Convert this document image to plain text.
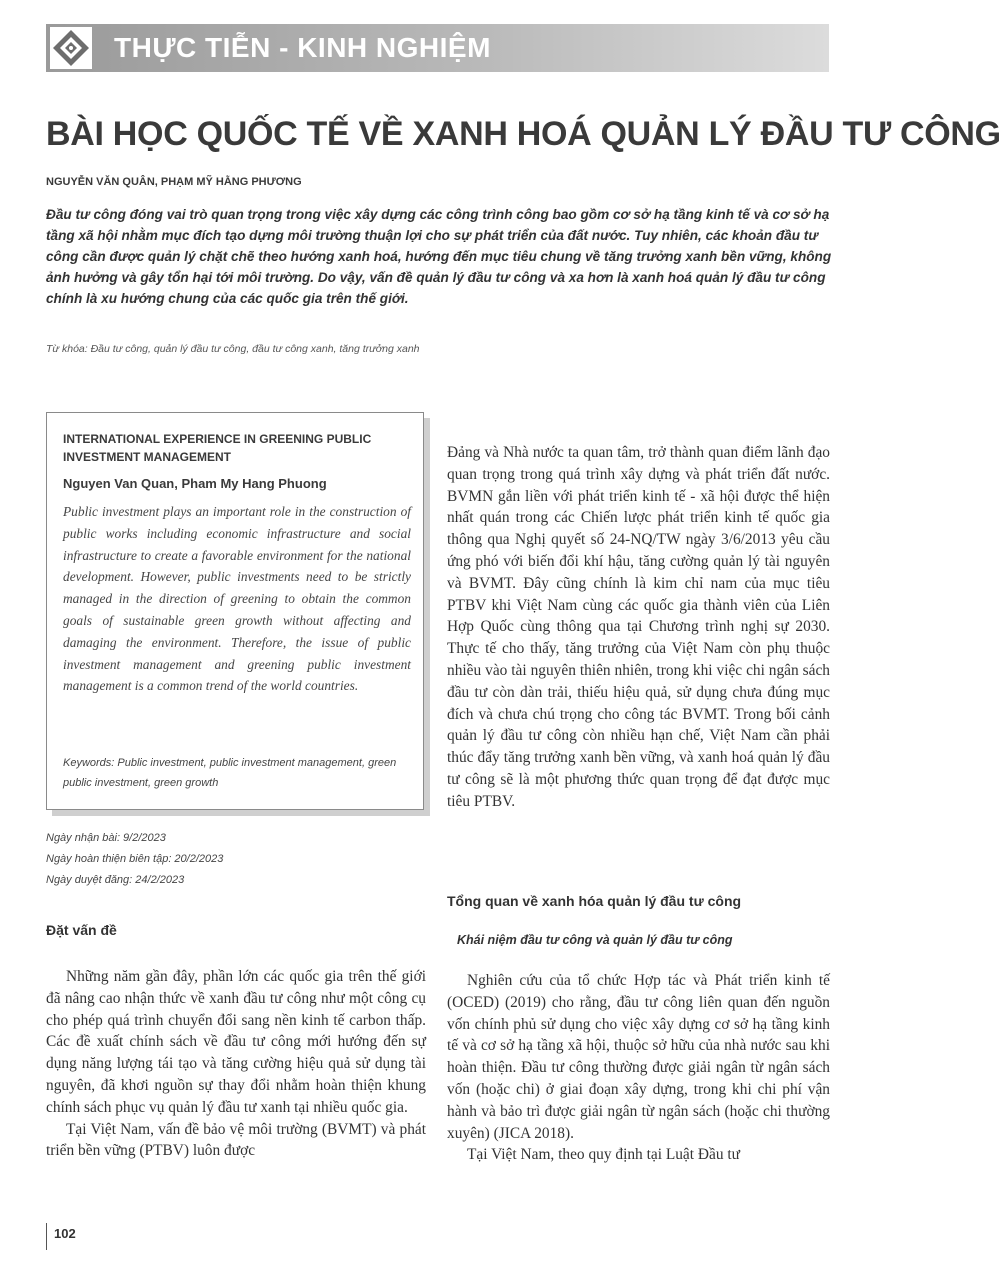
THỰC TIỄN - KINH NGHIỆM
BÀI HỌC QUỐC TẾ VỀ XANH HOÁ QUẢN LÝ ĐẦU TƯ CÔNG
NGUYỄN VĂN QUÂN, PHẠM MỸ HẰNG PHƯƠNG
Đầu tư công đóng vai trò quan trọng trong việc xây dựng các công trình công bao gồm cơ sở hạ tầng kinh tế và cơ sở hạ tầng xã hội nhằm mục đích tạo dựng môi trường thuận lợi cho sự phát triển của đất nước. Tuy nhiên, các khoản đầu tư công cần được quản lý chặt chẽ theo hướng xanh hoá, hướng đến mục tiêu chung về tăng trưởng xanh bền vững, không ảnh hưởng và gây tổn hại tới môi trường. Do vậy, vấn đề quản lý đầu tư công và xa hơn là xanh hoá quản lý đầu tư công chính là xu hướng chung của các quốc gia trên thế giới.
Từ khóa: Đầu tư công, quản lý đầu tư công, đầu tư công xanh, tăng trưởng xanh
INTERNATIONAL EXPERIENCE IN GREENING PUBLIC INVESTMENT MANAGEMENT
Nguyen Van Quan, Pham My Hang Phuong
Public investment plays an important role in the construction of public works including economic infrastructure and social infrastructure to create a favorable environment for the national development. However, public investments need to be strictly managed in the direction of greening to obtain the common goals of sustainable green growth without affecting and damaging the environment. Therefore, the issue of public investment management and greening public investment management is a common trend of the world countries.
Keywords: Public investment, public investment management, green public investment, green growth
Ngày nhận bài: 9/2/2023
Ngày hoàn thiện biên tập: 20/2/2023
Ngày duyệt đăng: 24/2/2023
Đặt vấn đề

Những năm gần đây, phần lớn các quốc gia trên thế giới đã nâng cao nhận thức về xanh đầu tư công như một công cụ cho phép quá trình chuyển đổi sang nền kinh tế carbon thấp. Các đề xuất chính sách về đầu tư công mới hướng đến sự dụng năng lượng tái tạo và tăng cường hiệu quả sử dụng tài nguyên, đã khơi nguồn sự thay đổi nhằm hoàn thiện khung chính sách phục vụ quản lý đầu tư xanh tại nhiều quốc gia.

Tại Việt Nam, vấn đề bảo vệ môi trường (BVMT) và phát triển bền vững (PTBV) luôn được

Đảng và Nhà nước ta quan tâm, trở thành quan điểm lãnh đạo quan trọng trong quá trình xây dựng và phát triển đất nước. BVMN gắn liền với phát triển kinh tế - xã hội được thể hiện nhất quán trong các Chiến lược phát triển kinh tế quốc gia thông qua Nghị quyết số 24-NQ/TW ngày 3/6/2013 yêu cầu ứng phó với biến đổi khí hậu, tăng cường quản lý tài nguyên và BVMT. Đây cũng chính là kim chỉ nam của mục tiêu PTBV khi Việt Nam cùng các quốc gia thành viên của Liên Hợp Quốc cùng thông qua tại Chương trình nghị sự 2030. Thực tế cho thấy, tăng trưởng của Việt Nam còn phụ thuộc nhiều vào tài nguyên thiên nhiên, trong khi việc chi ngân sách đầu tư còn dàn trải, thiếu hiệu quả, sử dụng chưa đúng mục đích và chưa chú trọng cho công tác BVMT. Trong bối cảnh quản lý đầu tư công còn nhiều hạn chế, Việt Nam cần phải thúc đẩy tăng trưởng xanh bền vững, và xanh hoá quản lý đầu tư công sẽ là một phương thức quan trọng để đạt được mục tiêu PTBV.

Tổng quan về xanh hóa quản lý đầu tư công
Khái niệm đầu tư công và quản lý đầu tư công

Nghiên cứu của tổ chức Hợp tác và Phát triển kinh tế (OCED) (2019) cho rằng, đầu tư công liên quan đến nguồn vốn chính phủ sử dụng cho việc xây dựng cơ sở hạ tầng kinh tế và cơ sở hạ tầng xã hội, thuộc sở hữu của nhà nước sau khi hoàn thiện. Đầu tư công thường được giải ngân từ ngân sách vốn (hoặc chi) ở giai đoạn xây dựng, trong khi chi phí vận hành và bảo trì được giải ngân từ ngân sách (hoặc chi thường xuyên) (JICA 2018).

Tại Việt Nam, theo quy định tại Luật Đầu tư

102
